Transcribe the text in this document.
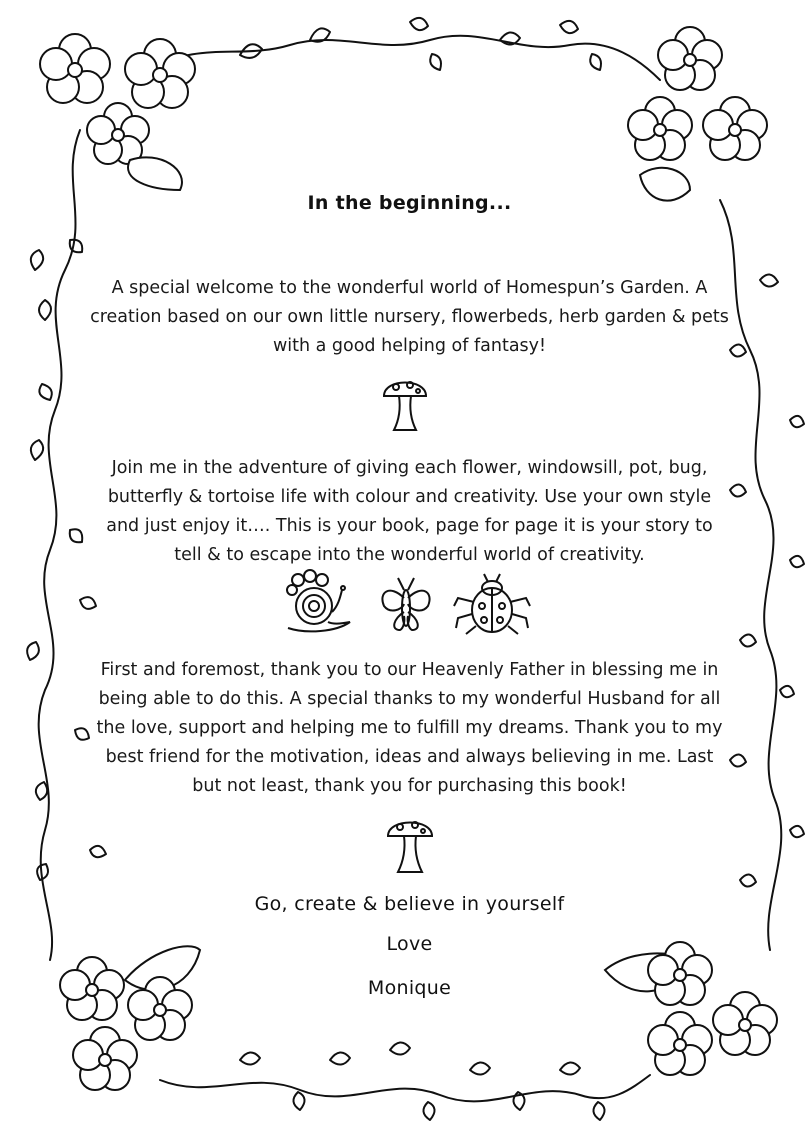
In the beginning...

A special welcome to the wonderful world of Homespun’s Garden. A creation based on our own little nursery, flowerbeds, herb garden & pets with a good helping of fantasy!

Join me in the adventure of giving each flower, windowsill, pot, bug, butterfly & tortoise life with colour and creativity. Use your own style and just enjoy it…. This is your book, page for page it is your story to tell & to escape into the wonderful world of creativity.

First and foremost, thank you to our Heavenly Father in blessing me in being able to do this. A special thanks to my wonderful Husband for all the love, support and helping me to fulfill my dreams. Thank you to my best friend for the motivation, ideas and always believing in me. Last but not least, thank you for purchasing this book!

Go, create & believe in yourself

Love

Monique
